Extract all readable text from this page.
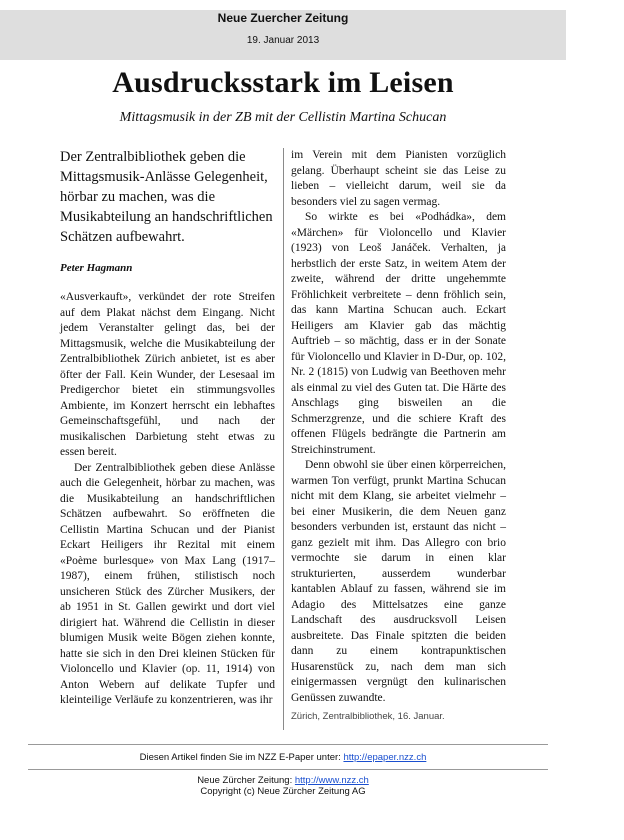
Neue Zuercher Zeitung
19. Januar 2013
Ausdrucksstark im Leisen

Mittagsmusik in der ZB mit der Cellistin Martina Schucan

Der Zentralbibliothek geben die Mittagsmusik-Anlässe Gelegenheit, hörbar zu machen, was die Musikabteilung an handschriftlichen Schätzen aufbewahrt.

Peter Hagmann

«Ausverkauft», verkündet der rote Streifen auf dem Plakat nächst dem Eingang. Nicht jedem Veranstalter gelingt das, bei der Mittagsmusik, welche die Musikabteilung der Zentralbibliothek Zürich anbietet, ist es aber öfter der Fall. Kein Wunder, der Lesesaal im Predigerchor bietet ein stimmungsvolles Ambiente, im Konzert herrscht ein lebhaftes Gemeinschaftsgefühl, und nach der musikalischen Darbietung steht etwas zu essen bereit.

Der Zentralbibliothek geben diese Anlässe auch die Gelegenheit, hörbar zu machen, was die Musikabteilung an handschriftlichen Schätzen aufbewahrt. So eröffneten die Cellistin Martina Schucan und der Pianist Eckart Heiligers ihr Rezital mit einem «Poème burlesque» von Max Lang (1917–1987), einem frühen, stilistisch noch unsicheren Stück des Zürcher Musikers, der ab 1951 in St. Gallen gewirkt und dort viel dirigiert hat. Während die Cellistin in dieser blumigen Musik weite Bögen ziehen konnte, hatte sie sich in den Drei kleinen Stücken für Violoncello und Klavier (op. 11, 1914) von Anton Webern auf delikate Tupfer und kleinteilige Verläufe zu konzentrieren, was ihr

im Verein mit dem Pianisten vorzüglich gelang. Überhaupt scheint sie das Leise zu lieben – vielleicht darum, weil sie da besonders viel zu sagen vermag.

So wirkte es bei «Podhádka», dem «Märchen» für Violoncello und Klavier (1923) von Leoš Janáček. Verhalten, ja herbstlich der erste Satz, in weitem Atem der zweite, während der dritte ungehemmte Fröhlichkeit verbreitete – denn fröhlich sein, das kann Martina Schucan auch. Eckart Heiligers am Klavier gab das mächtig Auftrieb – so mächtig, dass er in der Sonate für Violoncello und Klavier in D-Dur, op. 102, Nr. 2 (1815) von Ludwig van Beethoven mehr als einmal zu viel des Guten tat. Die Härte des Anschlags ging bisweilen an die Schmerzgrenze, und die schiere Kraft des offenen Flügels bedrängte die Partnerin am Streichinstrument.

Denn obwohl sie über einen körperreichen, warmen Ton verfügt, prunkt Martina Schucan nicht mit dem Klang, sie arbeitet vielmehr – bei einer Musikerin, die dem Neuen ganz besonders verbunden ist, erstaunt das nicht – ganz gezielt mit ihm. Das Allegro con brio vermochte sie darum in einen klar strukturierten, ausserdem wunderbar kantablen Ablauf zu fassen, während sie im Adagio des Mittelsatzes eine ganze Landschaft des ausdrucksvoll Leisen ausbreitete. Das Finale spitzten die beiden dann zu einem kontrapunktischen Husarenstück zu, nach dem man sich einigermassen vergnügt den kulinarischen Genüssen zuwandte.

Zürich, Zentralbibliothek, 16. Januar.
Diesen Artikel finden Sie im NZZ E-Paper unter: http://epaper.nzz.ch
Neue Zürcher Zeitung: http://www.nzz.ch
Copyright (c) Neue Zürcher Zeitung AG
